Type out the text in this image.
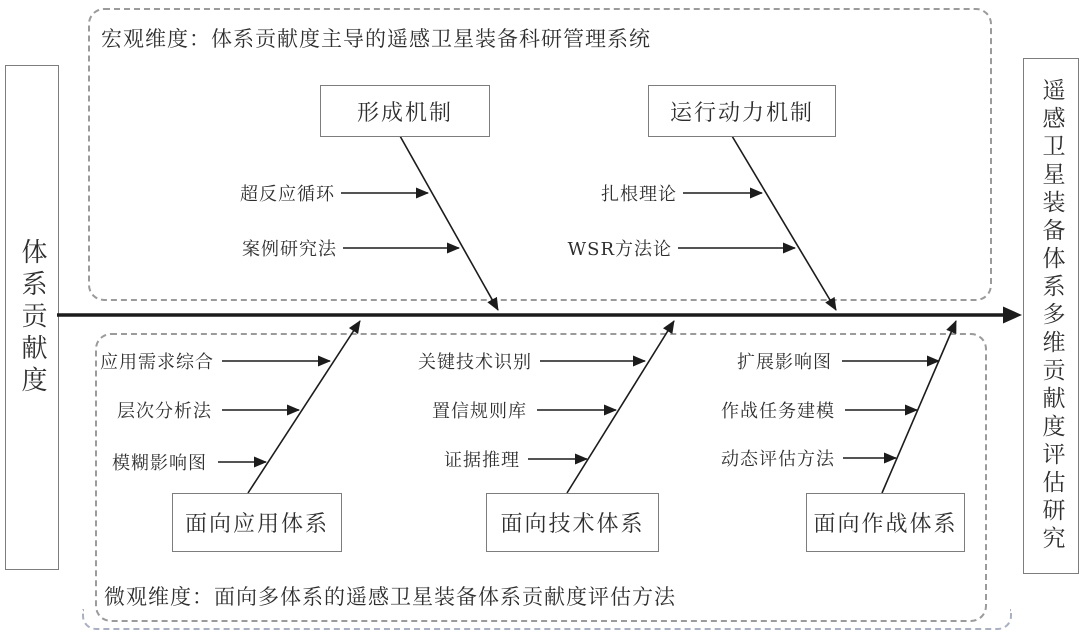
宏观维度：体系贡献度主导的遥感卫星装备科研管理系统
微观维度：面向多体系的遥感卫星装备体系贡献度评估方法
体系贡献度	遥感卫星装备体系多维贡献度评估研究
形成机制	运行动力机制
面向应用体系	面向技术体系	面向作战体系
超反应循环
案例研究法
扎根理论
WSR方法论
应用需求综合
层次分析法
模糊影响图
关键技术识别
置信规则库
证据推理
扩展影响图
作战任务建模
动态评估方法
